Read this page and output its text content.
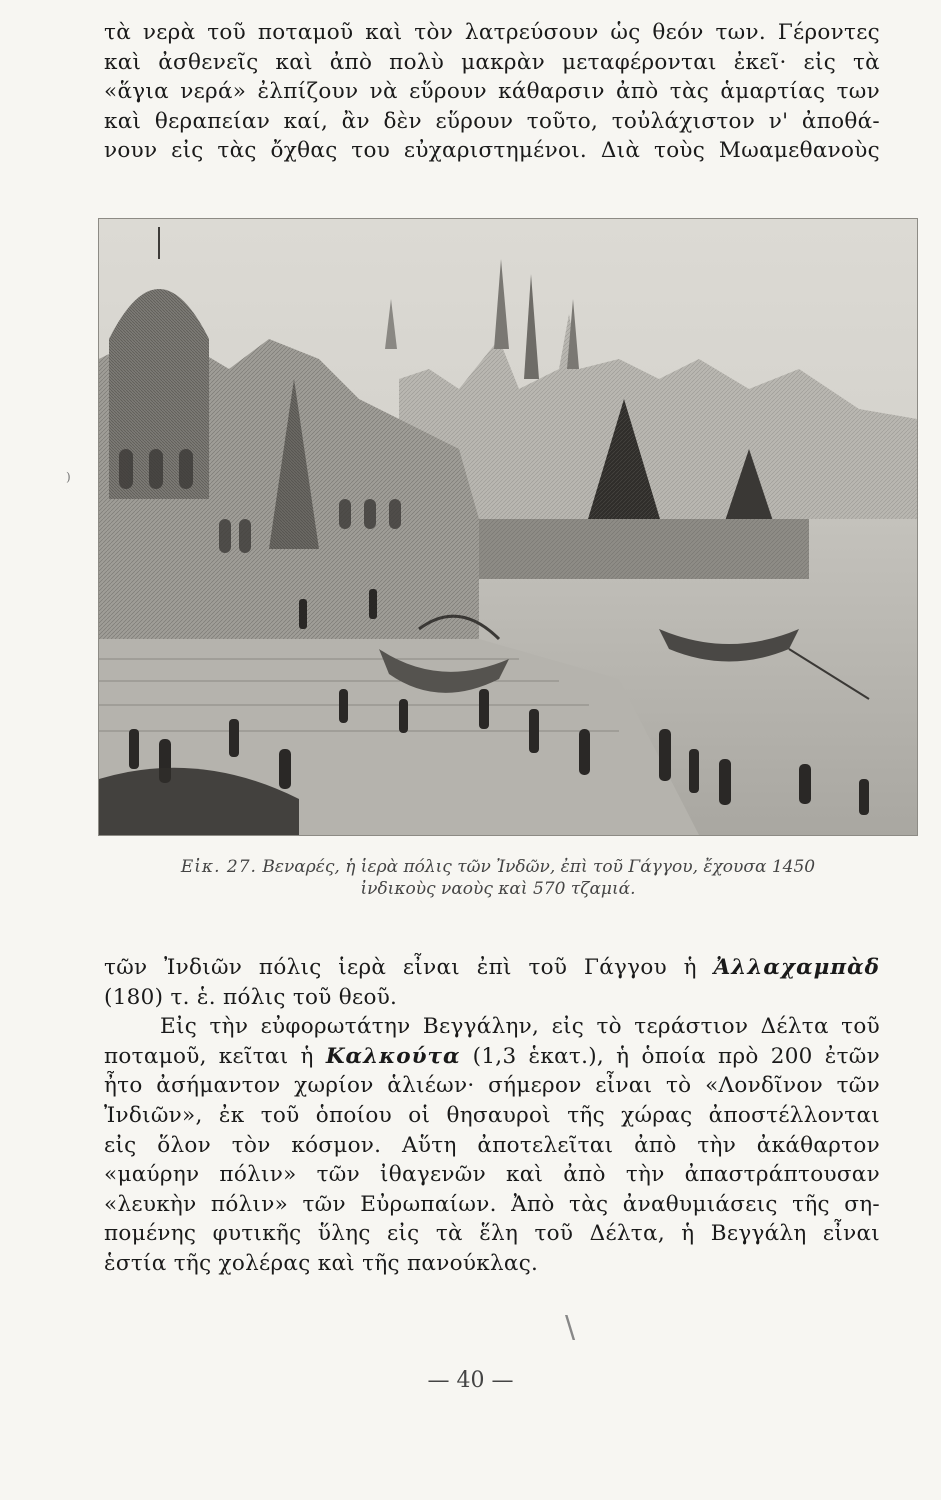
τὰ νερὰ τοῦ ποταμοῦ καὶ τὸν λατρεύσουν ὡς θεόν των. Γέροντες
καὶ ἀσθενεῖς καὶ ἀπὸ πολὺ μακρὰν μεταφέρονται ἐκεῖ· εἰς τὰ
«ἅγια νερά» ἐλπίζουν νὰ εὕρουν κάθαρσιν ἀπὸ τὰς ἁμαρτίας των
καὶ θεραπείαν καί, ἂν δὲν εὕρουν τοῦτο, τοὐλάχιστον ν' ἀποθά-
νουν εἰς τὰς ὄχθας του εὐχαριστημένοι. Διὰ τοὺς Μωαμεθανοὺς
Εἰκ. 27. Βεναρές, ἡ ἱερὰ πόλις τῶν Ἰνδῶν, ἐπὶ τοῦ Γάγγου, ἔχουσα 1450
ἰνδικοὺς ναοὺς καὶ 570 τζαμιά.
τῶν Ἰνδιῶν πόλις ἱερὰ εἶναι ἐπὶ τοῦ Γάγγου ἡ Ἀλλαχαμπὰδ
(180) τ. ἑ. πόλις τοῦ θεοῦ.
Εἰς τὴν εὐφορωτάτην Βεγγάλην, εἰς τὸ τεράστιον Δέλτα τοῦ
ποταμοῦ, κεῖται ἡ Καλκούτα (1,3 ἑκατ.), ἡ ὁποία πρὸ 200 ἐτῶν
ἦτο ἀσήμαντον χωρίον ἁλιέων· σήμερον εἶναι τὸ «Λονδῖνον τῶν
Ἰνδιῶν», ἐκ τοῦ ὁποίου οἱ θησαυροὶ τῆς χώρας ἀποστέλλονται
εἰς ὅλον τὸν κόσμον. Αὕτη ἀποτελεῖται ἀπὸ τὴν ἀκάθαρτον
«μαύρην πόλιν» τῶν ἰθαγενῶν καὶ ἀπὸ τὴν ἀπαστράπτουσαν
«λευκὴν πόλιν» τῶν Εὐρωπαίων. Ἀπὸ τὰς ἀναθυμιάσεις τῆς ση-
πομένης φυτικῆς ὕλης εἰς τὰ ἕλη τοῦ Δέλτα, ἡ Βεγγάλη εἶναι
ἑστία τῆς χολέρας καὶ τῆς πανούκλας.
\
)
— 40 —
